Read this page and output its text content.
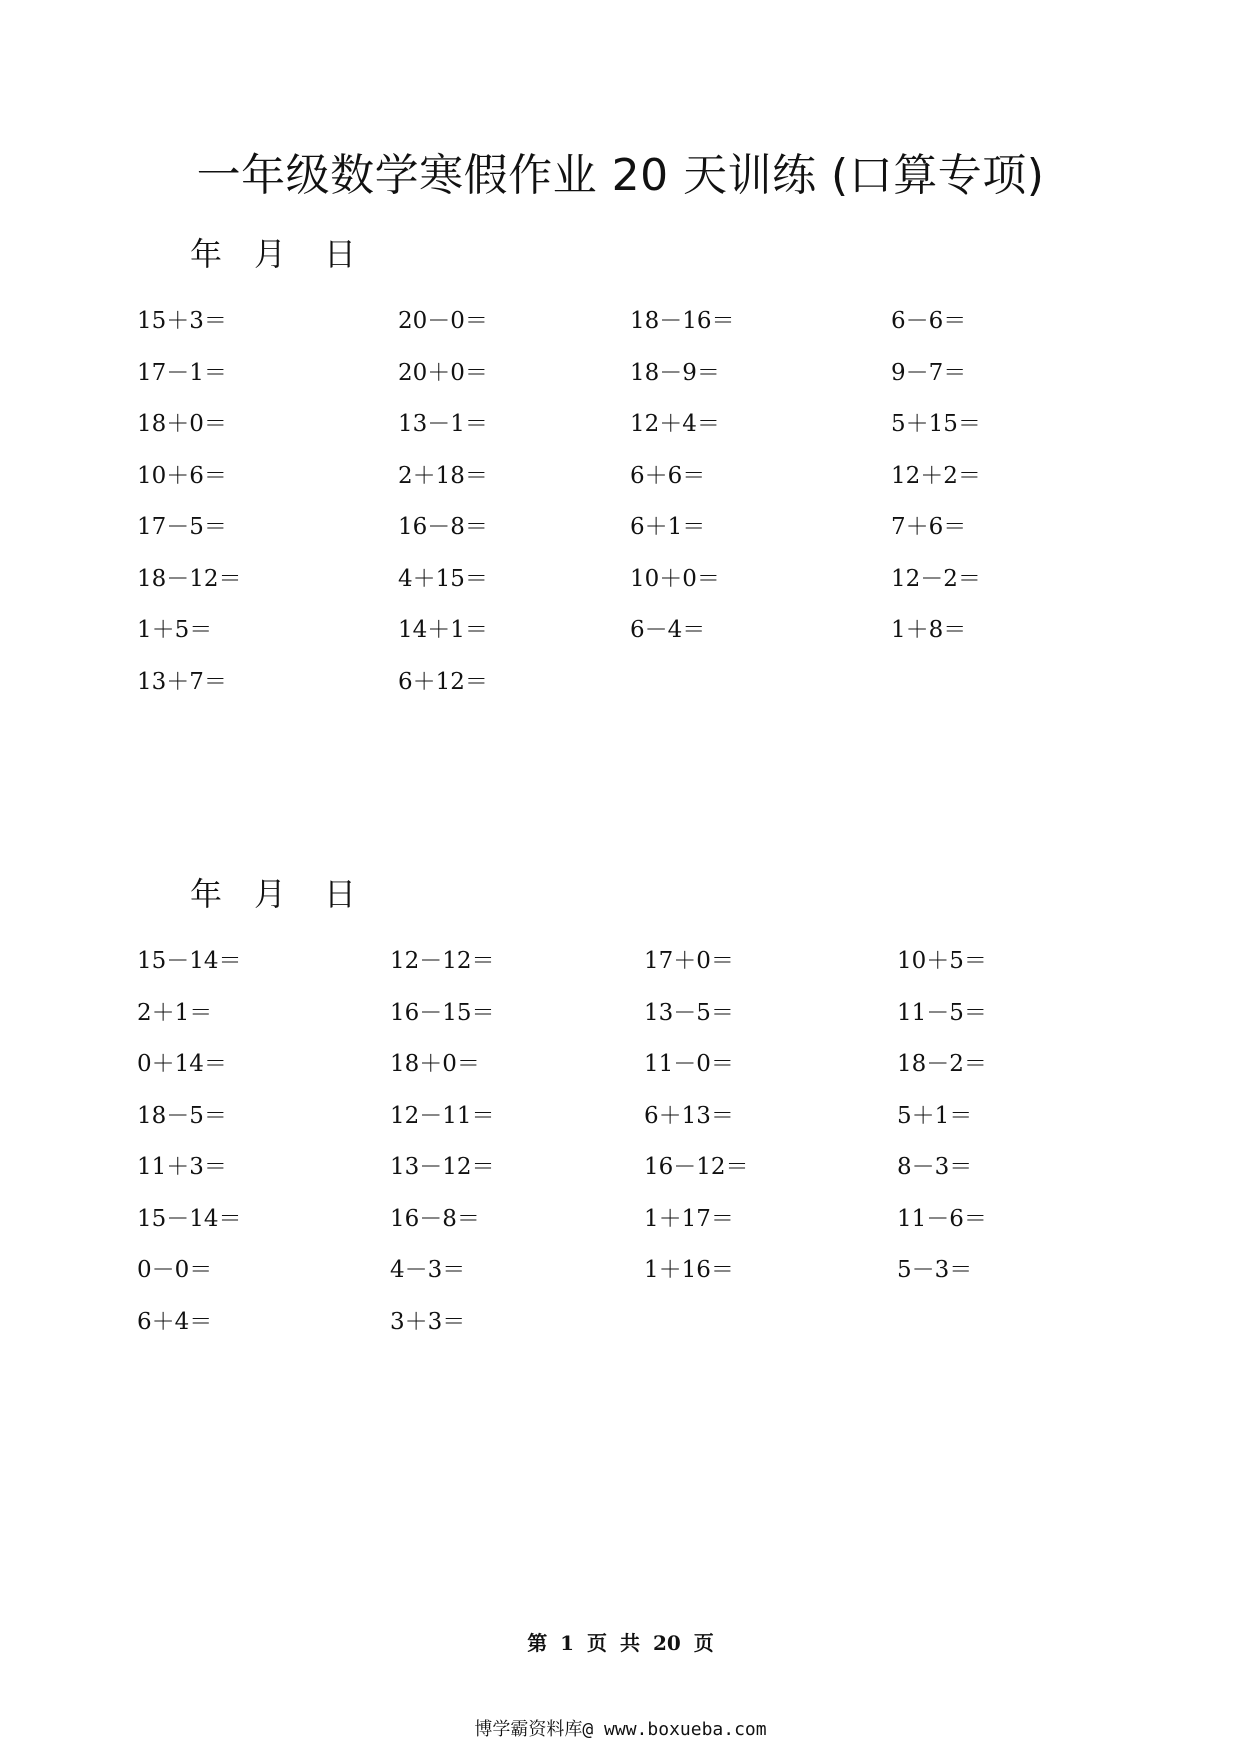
一年级数学寒假作业 20 天训练 (口算专项)
年 月 日
15＋3＝
17－1＝
18＋0＝
10＋6＝
17－5＝
18－12＝
1＋5＝
13＋7＝
20－0＝
20＋0＝
13－1＝
2＋18＝
16－8＝
4＋15＝
14＋1＝
6＋12＝
18－16＝
18－9＝
12＋4＝
6＋6＝
6＋1＝
10＋0＝
6－4＝
6－6＝
9－7＝
5＋15＝
12＋2＝
7＋6＝
12－2＝
1＋8＝
年 月 日
15－14＝
2＋1＝
0＋14＝
18－5＝
11＋3＝
15－14＝
0－0＝
6＋4＝
12－12＝
16－15＝
18＋0＝
12－11＝
13－12＝
16－8＝
4－3＝
3＋3＝
17＋0＝
13－5＝
11－0＝
6＋13＝
16－12＝
1＋17＝
1＋16＝
10＋5＝
11－5＝
18－2＝
5＋1＝
8－3＝
11－6＝
5－3＝
第 1 页 共 20 页
博学霸资料库@ www.boxueba.com
